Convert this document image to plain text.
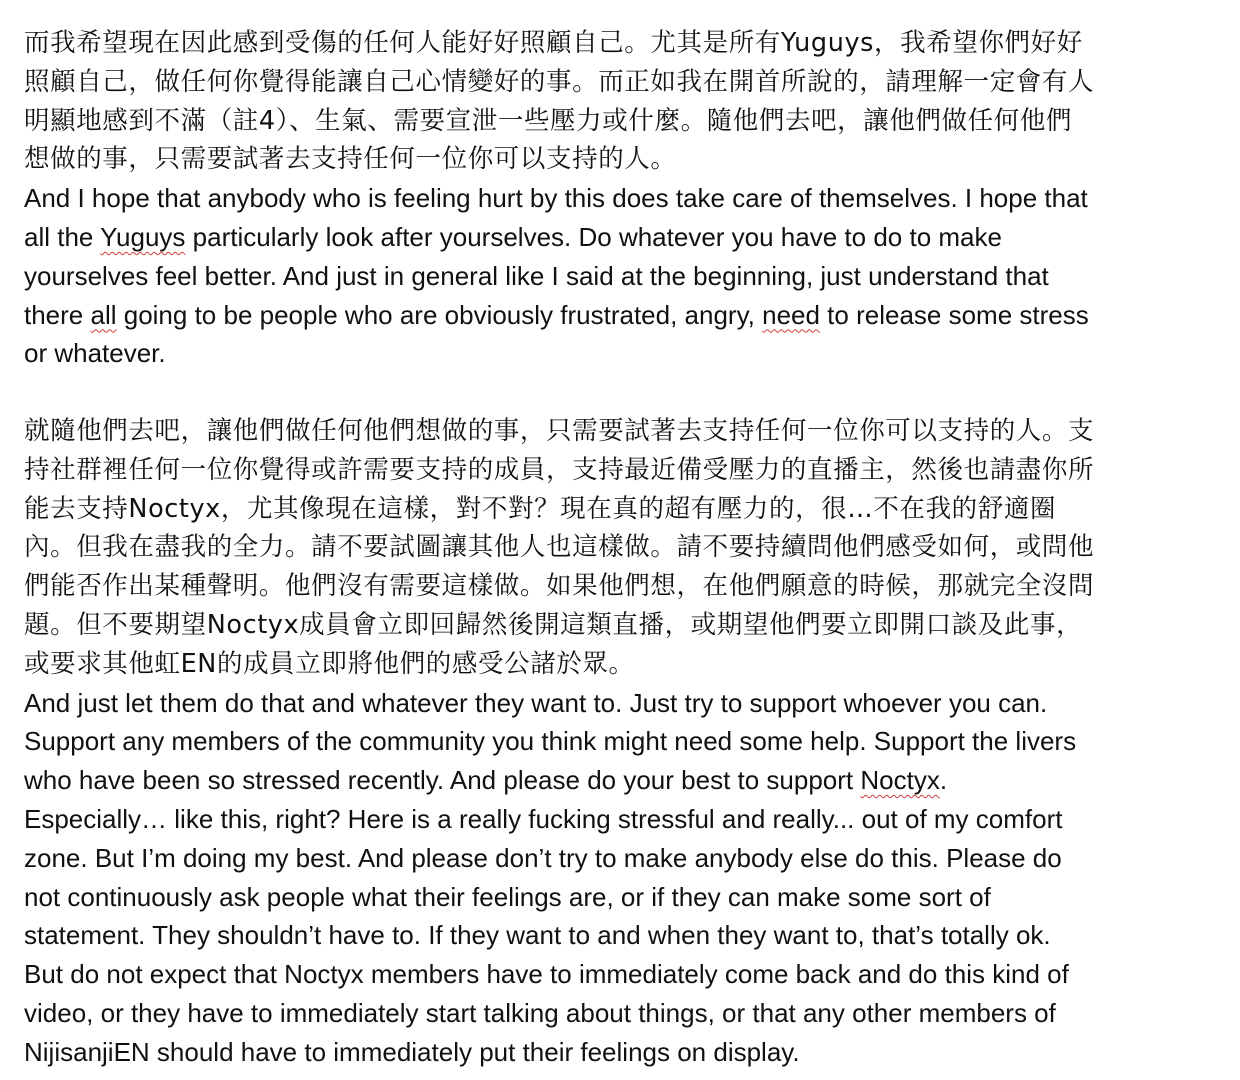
而我希望現在因此感到受傷的任何人能好好照顧自己。尤其是所有Yuguys，我希望你們好好
照顧自己，做任何你覺得能讓自己心情變好的事。而正如我在開首所說的，請理解一定會有人
明顯地感到不滿（註4）、生氣、需要宣泄一些壓力或什麼。隨他們去吧，讓他們做任何他們
想做的事，只需要試著去支持任何一位你可以支持的人。
And I hope that anybody who is feeling hurt by this does take care of themselves. I hope that
all the Yuguys particularly look after yourselves. Do whatever you have to do to make
yourselves feel better. And just in general like I said at the beginning, just understand that
there all going to be people who are obviously frustrated, angry, need to release some stress
or whatever.
就隨他們去吧，讓他們做任何他們想做的事，只需要試著去支持任何一位你可以支持的人。支
持社群裡任何一位你覺得或許需要支持的成員，支持最近備受壓力的直播主，然後也請盡你所
能去支持Noctyx，尤其像現在這樣，對不對？現在真的超有壓力的，很…不在我的舒適圈
內。但我在盡我的全力。請不要試圖讓其他人也這樣做。請不要持續問他們感受如何，或問他
們能否作出某種聲明。他們沒有需要這樣做。如果他們想，在他們願意的時候，那就完全沒問
題。但不要期望Noctyx成員會立即回歸然後開這類直播，或期望他們要立即開口談及此事，
或要求其他虹EN的成員立即將他們的感受公諸於眾。
And just let them do that and whatever they want to. Just try to support whoever you can.
Support any members of the community you think might need some help. Support the livers
who have been so stressed recently. And please do your best to support Noctyx.
Especially… like this, right? Here is a really fucking stressful and really... out of my comfort
zone. But I’m doing my best. And please don’t try to make anybody else do this. Please do
not continuously ask people what their feelings are, or if they can make some sort of
statement. They shouldn’t have to. If they want to and when they want to, that’s totally ok.
But do not expect that Noctyx members have to immediately come back and do this kind of
video, or they have to immediately start talking about things, or that any other members of
NijisanjiEN should have to immediately put their feelings on display.
